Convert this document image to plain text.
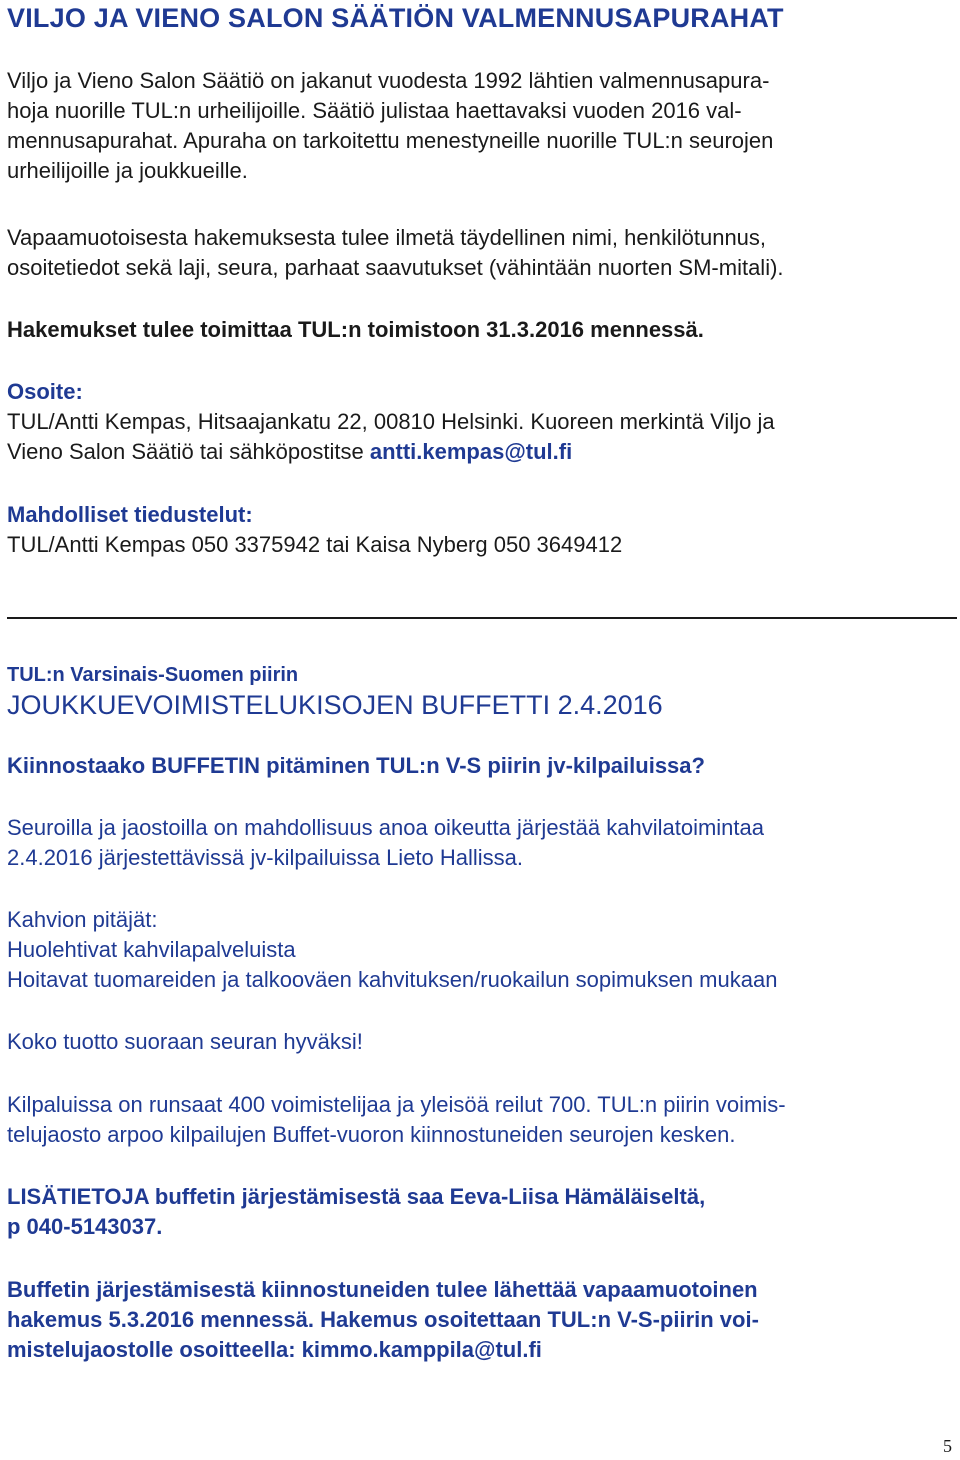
VILJO JA VIENO SALON SÄÄTIÖN VALMENNUSAPURAHAT
Viljo ja Vieno Salon Säätiö on jakanut vuodesta 1992 lähtien valmennusapura-
hoja nuorille TUL:n urheilijoille. Säätiö julistaa haettavaksi vuoden 2016 val-
mennusapurahat. Apuraha on tarkoitettu menestyneille nuorille TUL:n seurojen
urheilijoille ja joukkueille.
Vapaamuotoisesta hakemuksesta tulee ilmetä täydellinen nimi, henkilötunnus,
osoitetiedot sekä laji, seura, parhaat saavutukset (vähintään nuorten SM-mitali).
Hakemukset tulee toimittaa TUL:n toimistoon 31.3.2016 mennessä.
Osoite:
TUL/Antti Kempas, Hitsaajankatu 22, 00810 Helsinki. Kuoreen merkintä Viljo ja
Vieno Salon Säätiö tai sähköpostitse antti.kempas@tul.fi
Mahdolliset tiedustelut:
TUL/Antti Kempas 050 3375942 tai Kaisa Nyberg 050 3649412
TUL:n Varsinais-Suomen piirin
JOUKKUEVOIMISTELUKISOJEN BUFFETTI 2.4.2016
Kiinnostaako BUFFETIN pitäminen TUL:n V-S piirin jv-kilpailuissa?
Seuroilla ja jaostoilla on mahdollisuus anoa oikeutta järjestää kahvilatoimintaa
2.4.2016 järjestettävissä jv-kilpailuissa Lieto Hallissa.
Kahvion pitäjät:
Huolehtivat kahvilapalveluista
Hoitavat tuomareiden ja talkooväen kahvituksen/ruokailun sopimuksen mukaan
Koko tuotto suoraan seuran hyväksi!
Kilpaluissa on runsaat 400 voimistelijaa ja yleisöä reilut 700. TUL:n piirin voimis-
telujaosto arpoo kilpailujen Buffet-vuoron kiinnostuneiden seurojen kesken.
LISÄTIETOJA buffetin järjestämisestä saa Eeva-Liisa Hämäläiseltä,
p 040-5143037.
Buffetin järjestämisestä kiinnostuneiden tulee lähettää vapaamuotoinen
hakemus 5.3.2016 mennessä. Hakemus osoitettaan TUL:n V-S-piirin voi-
mistelujaostolle osoitteella: kimmo.kamppila@tul.fi
5
